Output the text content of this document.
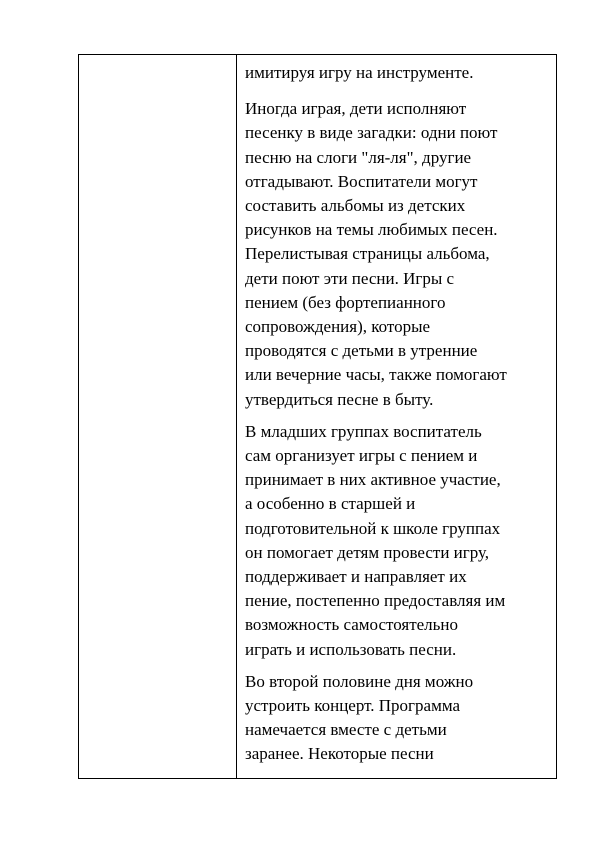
имитируя игру на инструменте.

Иногда играя, дети исполняют
песенку в виде загадки: одни поют
песню на слоги "ля-ля", другие
отгадывают. Воспитатели могут
составить альбомы из детских
рисунков на темы любимых песен.
Перелистывая страницы альбома,
дети поют эти песни. Игры с
пением (без фортепианного
сопровождения), которые
проводятся с детьми в утренние
или вечерние часы, также помогают
утвердиться песне в быту.

В младших группах воспитатель
сам организует игры с пением и
принимает в них активное участие,
а особенно в старшей и
подготовительной к школе группах
он помогает детям провести игру,
поддерживает и направляет их
пение, постепенно предоставляя им
возможность самостоятельно
играть и использовать песни.

Во второй половине дня можно
устроить концерт. Программа
намечается вместе с детьми
заранее. Некоторые песни
